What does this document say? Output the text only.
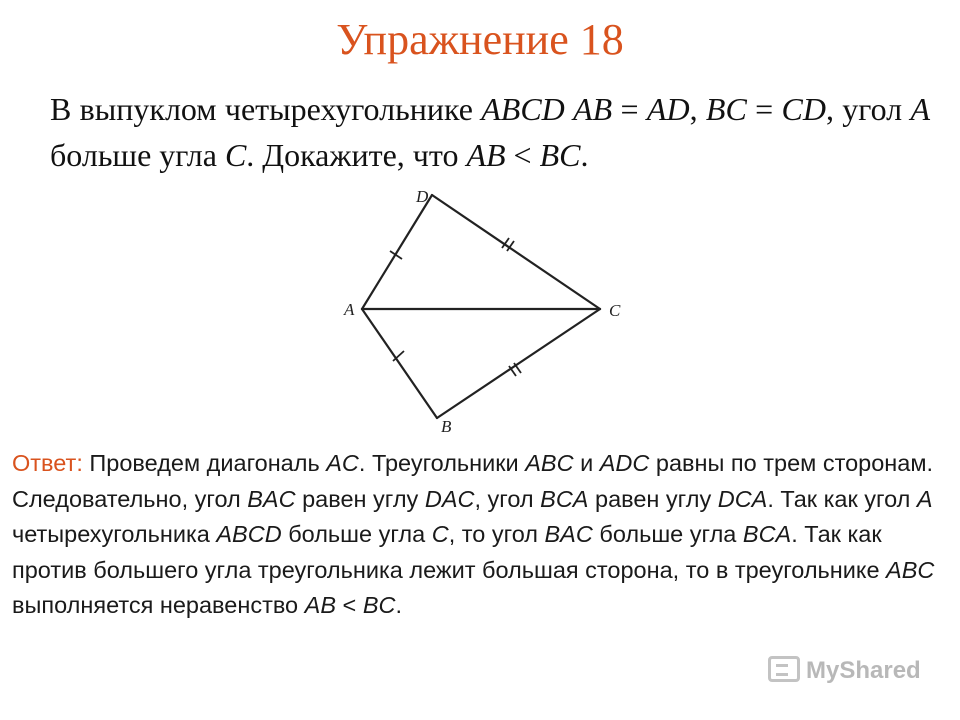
Упражнение 18
В выпуклом четырехугольнике ABCD AB = AD, BC = CD, угол A больше угла C. Докажите, что AB < BC.
D
A	C
B
Ответ: Проведем диагональ AC. Треугольники ABC и ADC равны по трем сторонам. Следовательно, угол BAC равен углу DAC, угол BCA равен углу DCA. Так как угол A четырехугольника ABCD больше угла C, то угол BAC больше угла BCA. Так как против большего угла треугольника лежит большая сторона, то в треугольнике ABC выполняется неравенство AB < BC.
MyShared
